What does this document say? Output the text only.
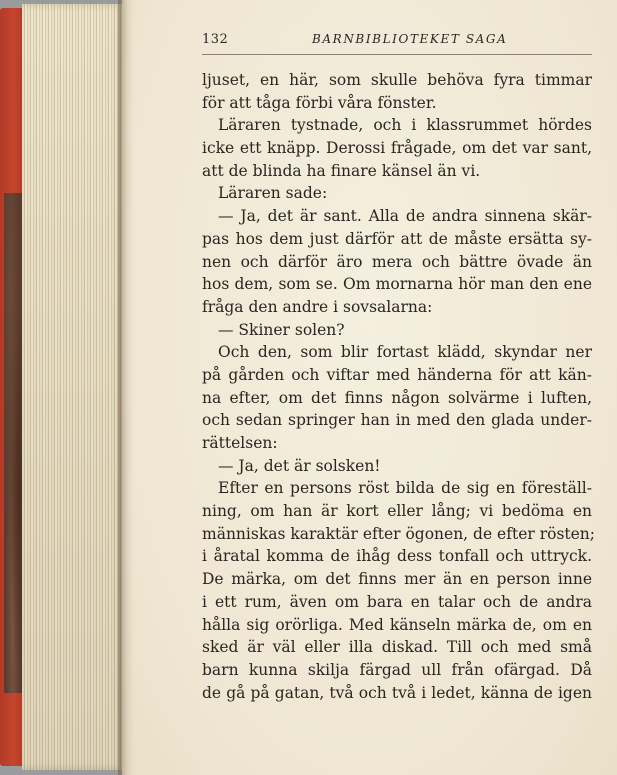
132	BARNBIBLIOTEKET SAGA
ljuset, en här, som skulle behöva fyra timmar
för att tåga förbi våra fönster.
Läraren tystnade, och i klassrummet hördes
icke ett knäpp. Derossi frågade, om det var sant,
att de blinda ha finare känsel än vi.
Läraren sade:
— Ja, det är sant. Alla de andra sinnena skär-
pas hos dem just därför att de måste ersätta sy-
nen och därför äro mera och bättre övade än
hos dem, som se. Om mornarna hör man den ene
fråga den andre i sovsalarna:
— Skiner solen?
Och den, som blir fortast klädd, skyndar ner
på gården och viftar med händerna för att kän-
na efter, om det finns någon solvärme i luften,
och sedan springer han in med den glada under-
rättelsen:
— Ja, det är solsken!
Efter en persons röst bilda de sig en föreställ-
ning, om han är kort eller lång; vi bedöma en
människas karaktär efter ögonen, de efter rösten;
i åratal komma de ihåg dess tonfall och uttryck.
De märka, om det finns mer än en person inne
i ett rum, även om bara en talar och de andra
hålla sig orörliga. Med känseln märka de, om en
sked är väl eller illa diskad. Till och med små
barn kunna skilja färgad ull från ofärgad. Då
de gå på gatan, två och två i ledet, känna de igen
